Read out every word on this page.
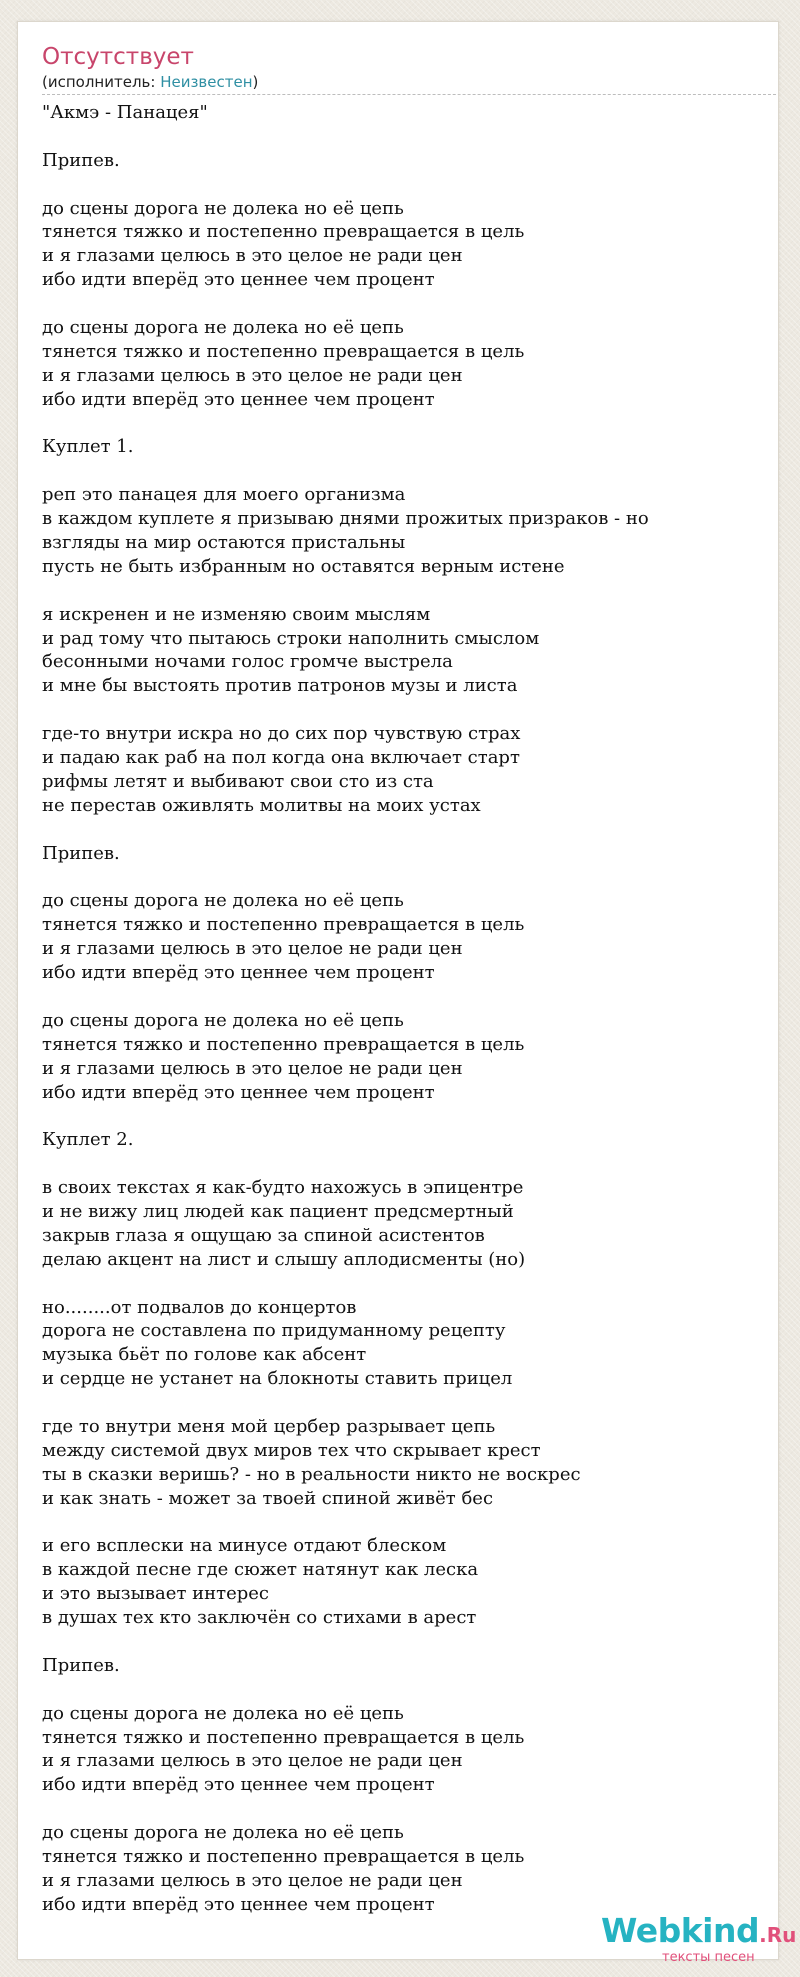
Отсутствует
(исполнитель: Неизвестен)
"Акмэ - Панацея"
Припев.
до сцены дорога не долека но её цепь
тянется тяжко и постепенно превращается в цель
и я глазами целюсь в это целое не ради цен
ибо идти вперёд это ценнее чем процент
до сцены дорога не долека но её цепь
тянется тяжко и постепенно превращается в цель
и я глазами целюсь в это целое не ради цен
ибо идти вперёд это ценнее чем процент
Куплет 1.
реп это панацея для моего организма
в каждом куплете я призываю днями прожитых призраков - но
взгляды на мир остаются пристальны
пусть не быть избранным но оставятся верным истене
я искренен и не изменяю своим мыслям
и рад тому что пытаюсь строки наполнить смыслом
бесонными ночами голос громче выстрела
и мне бы выстоять против патронов музы и листа
где-то внутри искра но до сих пор чувствую страх
и падаю как раб на пол когда она включает старт
рифмы летят и выбивают свои сто из ста
не перестав оживлять молитвы на моих устах
Припев.
до сцены дорога не долека но её цепь
тянется тяжко и постепенно превращается в цель
и я глазами целюсь в это целое не ради цен
ибо идти вперёд это ценнее чем процент
до сцены дорога не долека но её цепь
тянется тяжко и постепенно превращается в цель
и я глазами целюсь в это целое не ради цен
ибо идти вперёд это ценнее чем процент
Куплет 2.
в своих текстах я как-будто нахожусь в эпицентре
и не вижу лиц людей как пациент предсмертный
закрыв глаза я ощущаю за спиной асистентов
делаю акцент на лист и слышу аплодисменты (но)
но........от подвалов до концертов
дорога не составлена по придуманному рецепту
музыка бьёт по голове как абсент
и сердце не устанет на блокноты ставить прицел
где то внутри меня мой цербер разрывает цепь
между системой двух миров тех что скрывает крест
ты в сказки веришь? - но в реальности никто не воскрес
и как знать - может за твоей спиной живёт бес
и его всплески на минусе отдают блеском
в каждой песне где сюжет натянут как леска
и это вызывает интерес
в душах тех кто заключён со стихами в арест
Припев.
до сцены дорога не долека но её цепь
тянется тяжко и постепенно превращается в цель
и я глазами целюсь в это целое не ради цен
ибо идти вперёд это ценнее чем процент
до сцены дорога не долека но её цепь
тянется тяжко и постепенно превращается в цель
и я глазами целюсь в это целое не ради цен
ибо идти вперёд это ценнее чем процент
Webkind.Ru
тексты песен
